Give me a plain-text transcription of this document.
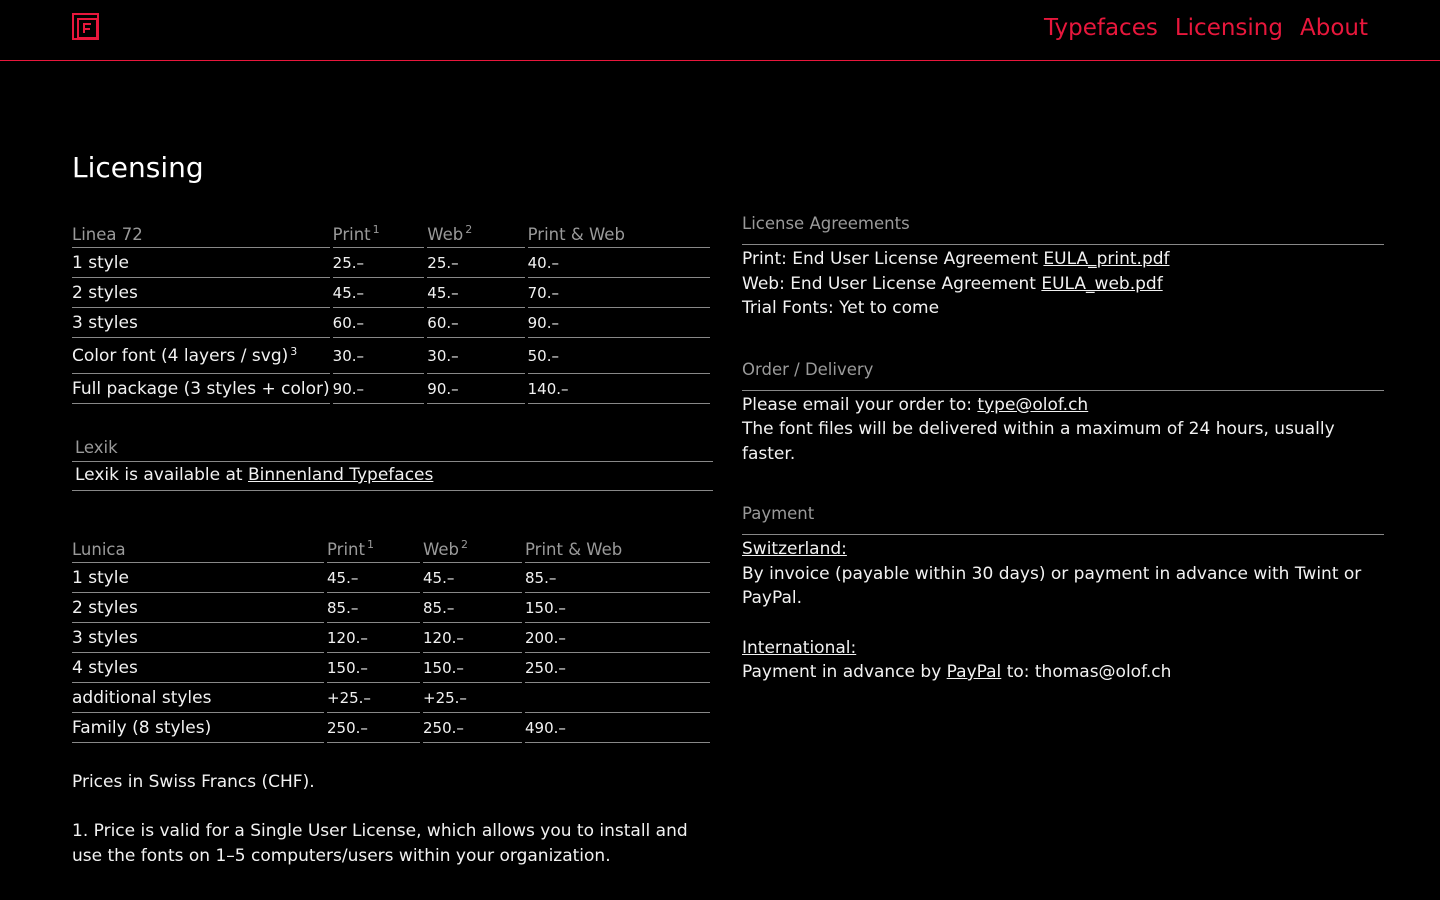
Typefaces Licensing About
Licensing
Linea 72	Print $^1$	Web $^2$	Print & Web
1 style	25.–	25.–	40.–
2 styles	45.–	45.–	70.–
3 styles	60.–	60.–	90.–
Color font (4 layers / svg) $^3$	30.–	30.–	50.–
Full package (3 styles + color)	90.–	90.–	140.–
Lexik
Lexik is available at Binnenland Typefaces
Lunica	Print $^1$	Web $^2$	Print & Web
1 style	45.–	45.–	85.–
2 styles	85.–	85.–	150.–
3 styles	120.–	120.–	200.–
4 styles	150.–	150.–	250.–
additional styles	+25.–	+25.–	
Family (8 styles)	250.–	250.–	490.–

Prices in Swiss Francs (CHF).

1. Price is valid for a Single User License, which allows you to install and use the fonts on 1–5 computers/users within your organization.

License Agreements
Print: End User License Agreement EULA_print.pdf
Web: End User License Agreement EULA_web.pdf
Trial Fonts: Yet to come
Order / Delivery
Please email your order to: type@olof.ch
The font files will be delivered within a maximum of 24 hours, usually faster.
Payment
Switzerland:
By invoice (payable within 30 days) or payment in advance with Twint or PayPal.
International:
Payment in advance by PayPal to: thomas@olof.ch
